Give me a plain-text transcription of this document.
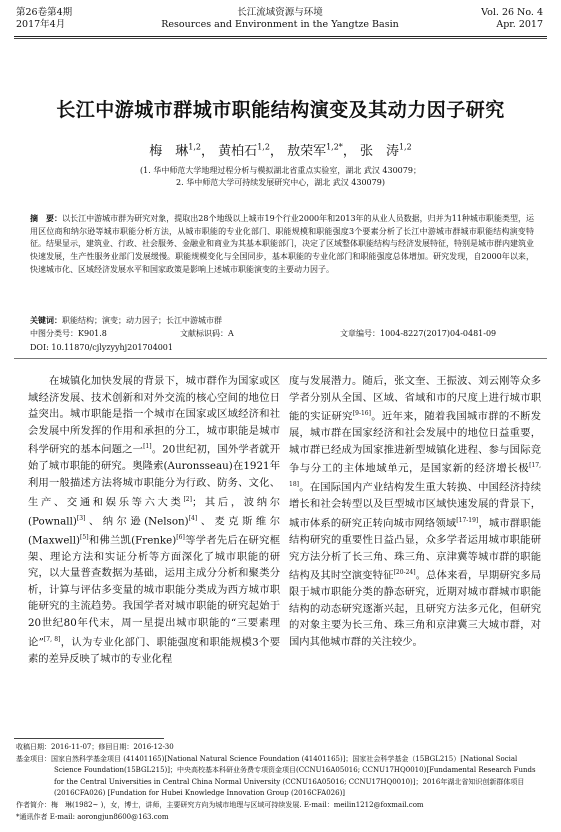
第26卷第4期
2017年4月
长江流域资源与环境
Resources and Environment in the Yangtze Basin
Vol. 26 No. 4
Apr. 2017
长江中游城市群城市职能结构演变及其动力因子研究
梅　琳$^{1,2}$， 黄柏石$^{1,2}$， 敖荣军$^{1,2*}$， 张　涛$^{1,2}$
(1. 华中师范大学地理过程分析与模拟湖北省重点实验室，湖北 武汉 430079；
2. 华中师范大学可持续发展研究中心，湖北 武汉 430079)
摘　要：以长江中游城市群为研究对象，提取出28个地级以上城市19个行业2000年和2013年的从业人员数据，归并为11种城市职能类型，运用区位商和纳尔逊等城市职能分析方法，从城市职能的专业化部门、职能规模和职能强度3个要素分析了长江中游城市群城市职能结构演变特征。结果显示，建筑业、行政、社会服务、金融业和商业为其基本职能部门，决定了区域整体职能结构与经济发展特征，特别是城市群内建筑业快速发展，生产性服务业部门发展缓慢。职能规模变化与全国同步，基本职能的专业化部门和职能强度总体增加。研究发现，自2000年以来，快速城市化、区域经济发展水平和国家政策是影响上述城市职能演变的主要动力因子。
关键词：职能结构；演变；动力因子；长江中游城市群
中图分类号：K901.8	文献标识码：A	文章编号：1004-8227(2017)04-0481-09
DOI: 10.11870/cjlyzyyhj201704001
　　在城镇化加快发展的背景下，城市群作为国家或区域经济发展、技术创新和对外交流的核心空间的地位日益突出。城市职能是指一个城市在国家或区域经济和社会发展中所发挥的作用和承担的分工，城市职能是城市科学研究的基本问题之一[1]。20世纪初，国外学者就开始了城市职能的研究。奥隆索(Auronsseau)在1921年利用一般描述方法将城市职能分为行政、防务、文化、生产、交通和娱乐等六大类[2]；其后，波纳尔(Pownall)[3]、纳尔逊(Nelson)[4]、麦克斯维尔(Maxwell)[5]和佛兰凯(Frenke)[6]等学者先后在研究框架、理论方法和实证分析等方面深化了城市职能的研究，以大量普查数据为基础，运用主成分分析和聚类分析，计算与评估多变量的城市职能分类成为西方城市职能研究的主流趋势。我国学者对城市职能的研究起始于20世纪80年代末，周一星提出城市职能的“三要素理论”[7, 8]，认为专业化部门、职能强度和职能规模3个要素的差异反映了城市的专业化程
度与发展潜力。随后，张文奎、王振波、刘云刚等众多学者分别从全国、区域、省域和市的尺度上进行城市职能的实证研究[9-16]。近年来，随着我国城市群的不断发展，城市群在国家经济和社会发展中的地位日益重要，城市群已经成为国家推进新型城镇化进程、参与国际竞争与分工的主体地域单元，是国家新的经济增长极[17, 18]。在国际国内产业结构发生重大转换、中国经济持续增长和社会转型以及巨型城市区域快速发展的背景下，城市体系的研究正转向城市网络领域[17-19]，城市群职能结构研究的重要性日益凸显，众多学者运用城市职能研究方法分析了长三角、珠三角、京津冀等城市群的职能结构及其时空演变特征[20-24]。总体来看，早期研究多局限于城市职能分类的静态研究，近期对城市群城市职能结构的动态研究逐渐兴起，且研究方法多元化，但研究的对象主要为长三角、珠三角和京津冀三大城市群，对国内其他城市群的关注较少。

收稿日期：2016-11-07；修回日期：2016-12-30

基金项目：国家自然科学基金项目 (41401165)[National Natural Science Foundation (41401165)]；国家社会科学基金（15BGL215）[National Social Science Foundation(15BGL215)]；中央高校基本科研业务费专项资金项目(CCNU16A05016; CCNU17HQ0010)[Fundamental Research Funds for the Central Universities in Central China Normal University (CCNU16A05016; CCNU17HQ0010)]；2016年湖北省知识创新群体项目(2016CFA026) [Fundation for Hubei Knowledge Innovation Group (2016CFA026)]

作者简介：梅　琳(1982~ )，女，博士，讲师，主要研究方向为城市地理与区域可持续发展. E-mail：meilin1212@foxmail.com

*通讯作者 E-mail: aorongjun8600@163.com
